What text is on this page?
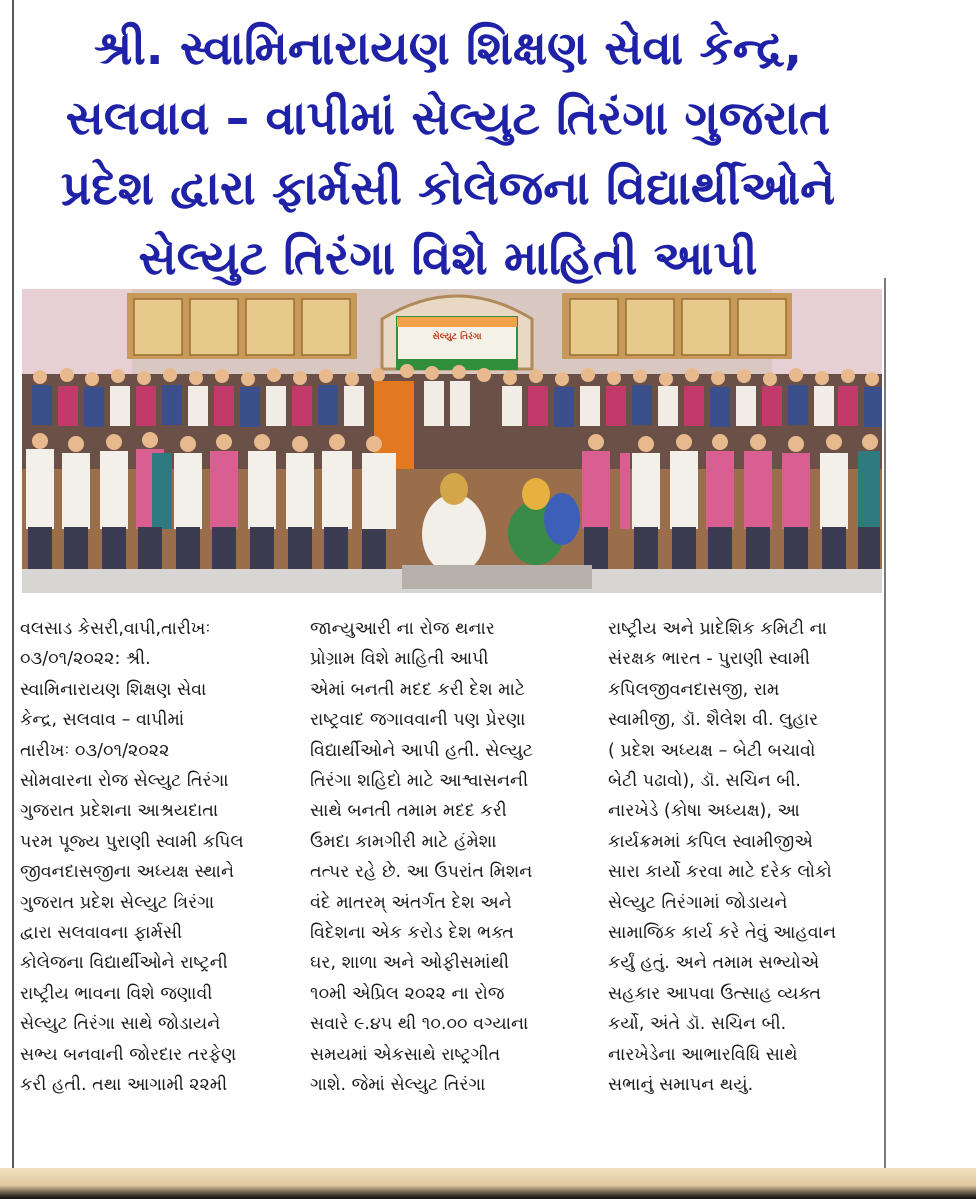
શ્રી. સ્વામિનારાયણ શિક્ષણ સેવા કેન્દ્ર,
સલવાવ – વાપીમાં સેલ્યુટ તિરંગા ગુજરાત
પ્રદેશ દ્વારા ફાર્મસી કોલેજના વિદ્યાર્થીઓને
સેલ્યુટ તિરંગા વિશે માહિતી આપી
સેલ્યુટ તિરંગા
વલસાડ કેસરી,વાપી,તારીખઃ
૦૩/૦૧/૨૦૨૨: શ્રી.
સ્વામિનારાયણ શિક્ષણ સેવા
કેન્દ્ર, સલવાવ – વાપીમાં
તારીખઃ ૦૩/૦૧/૨૦૨૨
સોમવારના રોજ સેલ્યુટ તિરંગા
ગુજરાત પ્રદેશના આશ્રયદાતા
પરમ પૂજ્ય પુરાણી સ્વામી કપિલ
જીવનદાસજીના અધ્યક્ષ સ્થાને
ગુજરાત પ્રદેશ સેલ્યુટ ત્રિરંગા
દ્વારા સલવાવના ફાર્મસી
કોલેજના વિદ્યાર્થીઓને રાષ્ટ્રની
રાષ્ટ્રીય ભાવના વિશે જણાવી
સેલ્યુટ તિરંગા સાથે જોડાયને
સભ્ય બનવાની જોરદાર તરફેણ
કરી હતી. તથા આગામી ૨૨મી
જાન્યુઆરી ના રોજ થનાર
પ્રોગ્રામ વિશે માહિતી આપી
એમાં બનતી મદદ કરી દેશ માટે
રાષ્ટ્રવાદ જગાવવાની પણ પ્રેરણા
વિદ્યાર્થીઓને આપી હતી. સેલ્યુટ
તિરંગા શહિદો માટે આશ્વાસનની
સાથે બનતી તમામ મદદ કરી
ઉમદા કામગીરી માટે હંમેશા
તત્પર રહે છે. આ ઉપરાંત મિશન
વંદે માતરમ્ અંતર્ગત દેશ અને
વિદેશના એક કરોડ દેશ ભક્ત
ઘર, શાળા અને ઓફીસમાંથી
૧૦મી એપ્રિલ ૨૦૨૨ ના રોજ
સવારે ૯.૪૫ થી ૧૦.૦૦ વગ્યાના
સમયમાં એકસાથે રાષ્ટ્રગીત
ગાશે. જેમાં સેલ્યુટ તિરંગા
રાષ્ટ્રીય અને પ્રાદેશિક કમિટી ના
સંરક્ષક ભારત - પુરાણી સ્વામી
કપિલજીવનદાસજી, રામ
સ્વામીજી, ડૉ. શૈલેશ વી. લુહાર
( પ્રદેશ અધ્યક્ષ – બેટી બચાવો
બેટી પઢાવો), ડૉ. સચિન બી.
નારખેડે (કોષા અધ્યક્ષ), આ
કાર્યક્રમમાં કપિલ સ્વામીજીએ
સારા કાર્યો કરવા માટે દરેક લોકો
સેલ્યુટ તિરંગામાં જોડાયને
સામાજિક કાર્ય કરે તેવું આહવાન
કર્યું હતું. અને તમામ સભ્યોએ
સહકાર આપવા ઉત્સાહ વ્યક્ત
કર્યો, અંતે ડૉ. સચિન બી.
નારખેડેના આભારવિધિ સાથે
સભાનું સમાપન થયું.
